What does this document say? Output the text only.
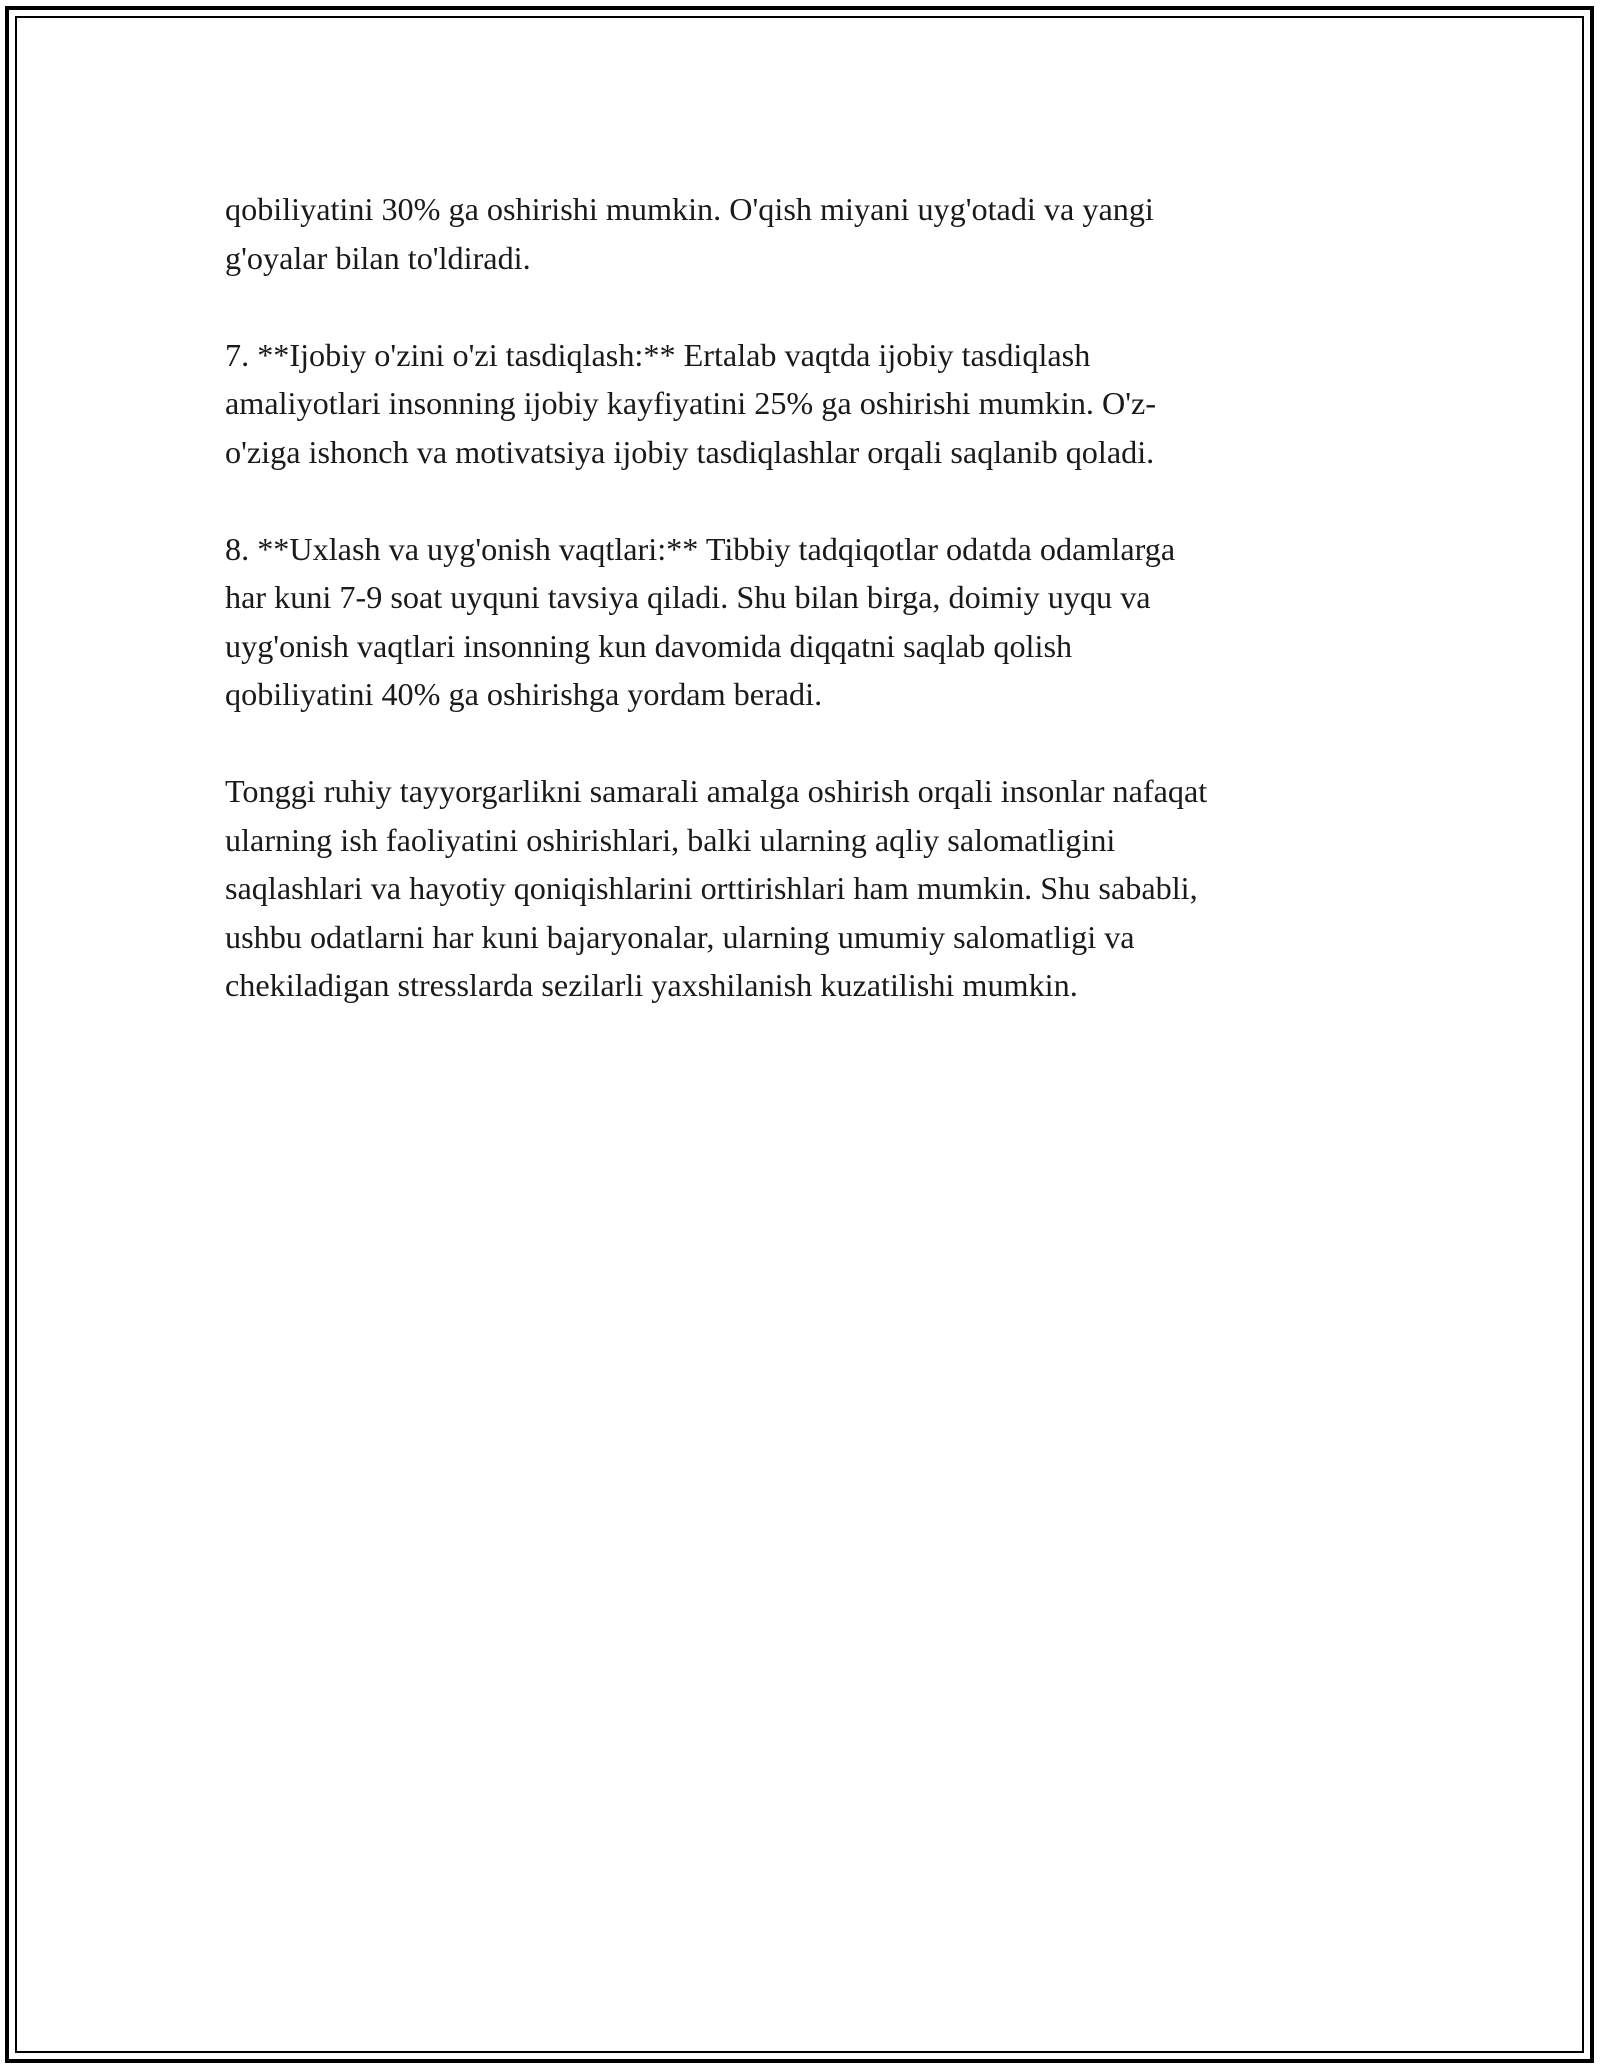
qobiliyatini 30% ga oshirishi mumkin. O'qish miyani uyg'otadi va yangi
g'oyalar bilan to'ldiradi.

7. **Ijobiy o'zini o'zi tasdiqlash:** Ertalab vaqtda ijobiy tasdiqlash
amaliyotlari insonning ijobiy kayfiyatini 25% ga oshirishi mumkin. O'z-
o'ziga ishonch va motivatsiya ijobiy tasdiqlashlar orqali saqlanib qoladi.

8. **Uxlash va uyg'onish vaqtlari:** Tibbiy tadqiqotlar odatda odamlarga
har kuni 7-9 soat uyquni tavsiya qiladi. Shu bilan birga, doimiy uyqu va
uyg'onish vaqtlari insonning kun davomida diqqatni saqlab qolish
qobiliyatini 40% ga oshirishga yordam beradi.

Tonggi ruhiy tayyorgarlikni samarali amalga oshirish orqali insonlar nafaqat
ularning ish faoliyatini oshirishlari, balki ularning aqliy salomatligini
saqlashlari va hayotiy qoniqishlarini orttirishlari ham mumkin. Shu sababli,
ushbu odatlarni har kuni bajaryonalar, ularning umumiy salomatligi va
chekiladigan stresslarda sezilarli yaxshilanish kuzatilishi mumkin.
